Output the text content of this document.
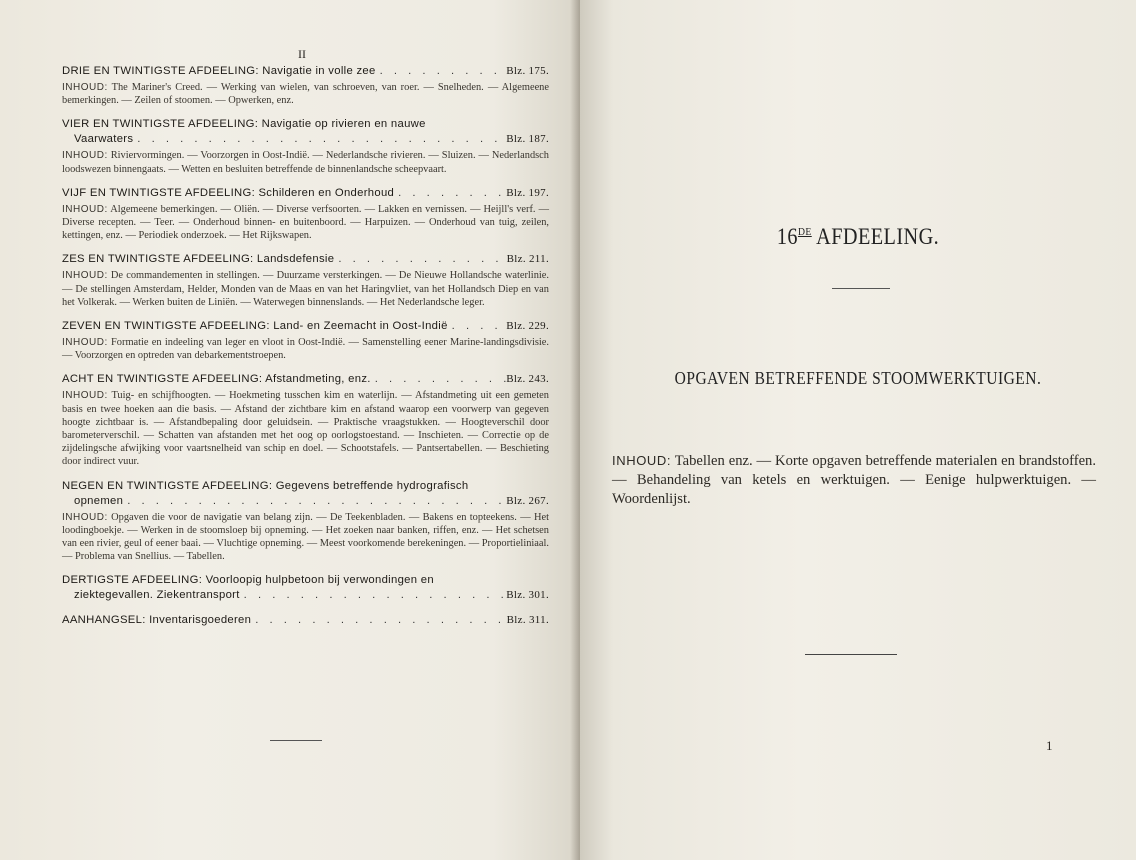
II
DRIE EN TWINTIGSTE AFDEELING: Navigatie in volle zee . . .	Blz. 175.
INHOUD: The Mariner's Creed. — Werking van wielen, van schroeven, van roer. — Snelheden. — Algemeene bemerkingen. — Zeilen of stoomen. — Opwerken, enz.
VIER EN TWINTIGSTE AFDEELING: Navigatie op rivieren en nauwe
Vaarwaters . . .	Blz. 187.
INHOUD: Riviervormingen. — Voorzorgen in Oost-Indië. — Nederlandsche rivieren. — Sluizen. — Nederlandsch loodswezen binnengaats. — Wetten en besluiten betreffende de binnenlandsche scheepvaart.
VIJF EN TWINTIGSTE AFDEELING: Schilderen en Onderhoud . . .	Blz. 197.
INHOUD: Algemeene bemerkingen. — Oliën. — Diverse verfsoorten. — Lakken en vernissen. — Heijll's verf. — Diverse recepten. — Teer. — Onderhoud binnen- en buitenboord. — Harpuizen. — Onderhoud van tuig, zeilen, kettingen, enz. — Periodiek onderzoek. — Het Rijkswapen.
ZES EN TWINTIGSTE AFDEELING: Landsdefensie . . .	Blz. 211.
INHOUD: De commandementen in stellingen. — Duurzame versterkingen. — De Nieuwe Hollandsche waterlinie. — De stellingen Amsterdam, Helder, Monden van de Maas en van het Haringvliet, van het Hollandsch Diep en van het Volkerak. — Werken buiten de Liniën. — Waterwegen binnenslands. — Het Nederlandsche leger.
ZEVEN EN TWINTIGSTE AFDEELING: Land- en Zeemacht in Oost-Indië . . .	Blz. 229.
INHOUD: Formatie en indeeling van leger en vloot in Oost-Indië. — Samenstelling eener Marine-landingsdivisie. — Voorzorgen en optreden van debarkementstroepen.
ACHT EN TWINTIGSTE AFDEELING: Afstandmeting, enz. . . .	Blz. 243.
INHOUD: Tuig- en schijfhoogten. — Hoekmeting tusschen kim en waterlijn. — Afstandmeting uit een gemeten basis en twee hoeken aan die basis. — Afstand der zichtbare kim en afstand waarop een voorwerp van gegeven hoogte zichtbaar is. — Afstandbepaling door geluidsein. — Praktische vraagstukken. — Hoogteverschil door barometerverschil. — Schatten van afstanden met het oog op oorlogstoestand. — Inschieten. — Correctie op de zijdelingsche afwijking voor vaartsnelheid van schip en doel. — Schootstafels. — Pantsertabellen. — Beschieting door indirect vuur.
NEGEN EN TWINTIGSTE AFDEELING: Gegevens betreffende hydrografisch
opnemen . . .	Blz. 267.
INHOUD: Opgaven die voor de navigatie van belang zijn. — De Teekenbladen. — Bakens en topteekens. — Het loodingboekje. — Werken in de stoomsloep bij opneming. — Het zoeken naar banken, riffen, enz. — Het schetsen van een rivier, geul of eener baai. — Vluchtige opneming. — Meest voorkomende berekeningen. — Proportieliniaal. — Problema van Snellius. — Tabellen.
DERTIGSTE AFDEELING: Voorloopig hulpbetoon bij verwondingen en
ziektegevallen. Ziekentransport . . .	Blz. 301.
AANHANGSEL: Inventarisgoederen . . .	Blz. 311.
16DE AFDEELING.
OPGAVEN BETREFFENDE STOOMWERKTUIGEN.
INHOUD: Tabellen enz. — Korte opgaven betreffende materialen en brandstoffen. — Behandeling van ketels en werktuigen. — Eenige hulpwerktuigen. — Woordenlijst.
1
